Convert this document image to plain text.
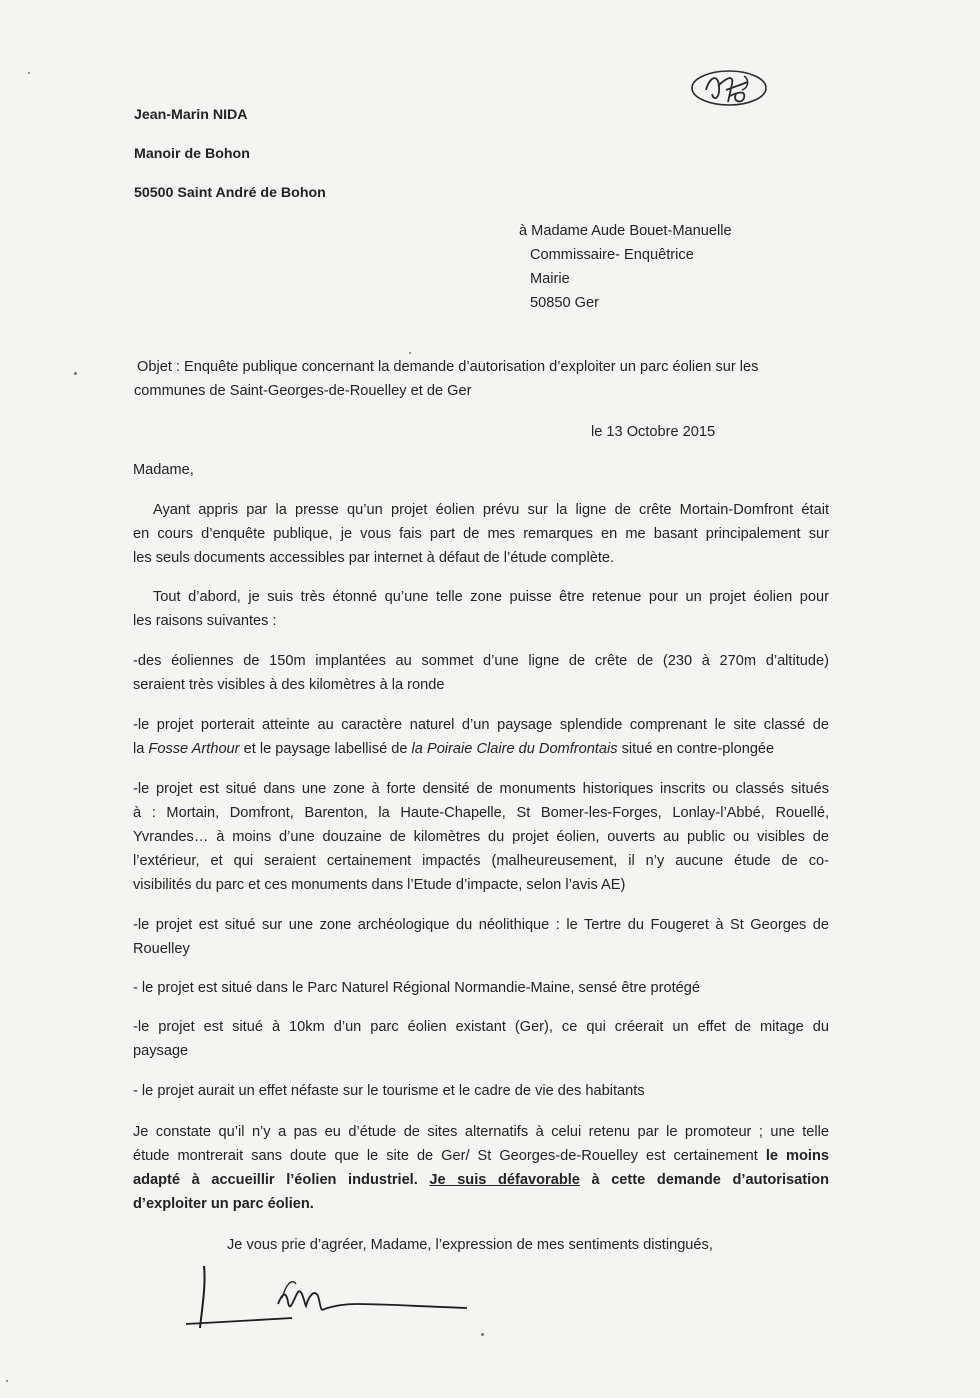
Jean-Marin NIDA

Manoir de Bohon

50500 Saint André de Bohon

à Madame Aude Bouet-Manuelle

Commissaire- Enquêtrice

Mairie

50850 Ger

Objet : Enquête publique concernant la demande d’autorisation d’exploiter un parc éolien sur les

communes de Saint-Georges-de-Rouelley et de Ger

le 13 Octobre 2015

Madame,

Ayant appris par la presse qu’un projet éolien prévu sur la ligne de crête Mortain-Domfront était

en cours d’enquête publique, je vous fais part de mes remarques en me basant principalement sur

les seuls documents accessibles par internet à défaut de l’étude complète.

Tout d’abord, je suis très étonné qu’une telle zone puisse être retenue pour un projet éolien pour

les raisons suivantes :

-des éoliennes de 150m implantées au sommet d’une ligne de crête de (230 à 270m d’altitude)

seraient très visibles à des kilomètres à la ronde

-le projet porterait atteinte au caractère naturel d’un paysage splendide comprenant le site classé de

la Fosse Arthour et le paysage labellisé de la Poiraie Claire du Domfrontais situé en contre-plongée

-le projet est situé dans une zone à forte densité de monuments historiques inscrits ou classés situés

à : Mortain, Domfront, Barenton, la Haute-Chapelle, St Bomer-les-Forges, Lonlay-l’Abbé, Rouellé,

Yvrandes… à moins d’une douzaine de kilomètres du projet éolien, ouverts au public ou visibles de

l’extérieur, et qui seraient certainement impactés (malheureusement, il n’y aucune étude de co-

visibilités du parc et ces monuments dans l’Etude d’impacte, selon l’avis AE)

-le projet est situé sur une zone archéologique du néolithique : le Tertre du Fougeret à St Georges de

Rouelley

- le projet est situé dans le Parc Naturel Régional Normandie-Maine, sensé être protégé

-le projet est situé à 10km d’un parc éolien existant (Ger), ce qui créerait un effet de mitage du

paysage

- le projet aurait un effet néfaste sur le tourisme et le cadre de vie des habitants

Je constate qu’il n’y a pas eu d’étude de sites alternatifs à celui retenu par le promoteur ; une telle

étude montrerait sans doute que le site de Ger/ St Georges-de-Rouelley est certainement le moins

adapté à accueillir l’éolien industriel. Je suis défavorable à cette demande d’autorisation

d’exploiter un parc éolien.

Je vous prie d’agréer, Madame, l’expression de mes sentiments distingués,
